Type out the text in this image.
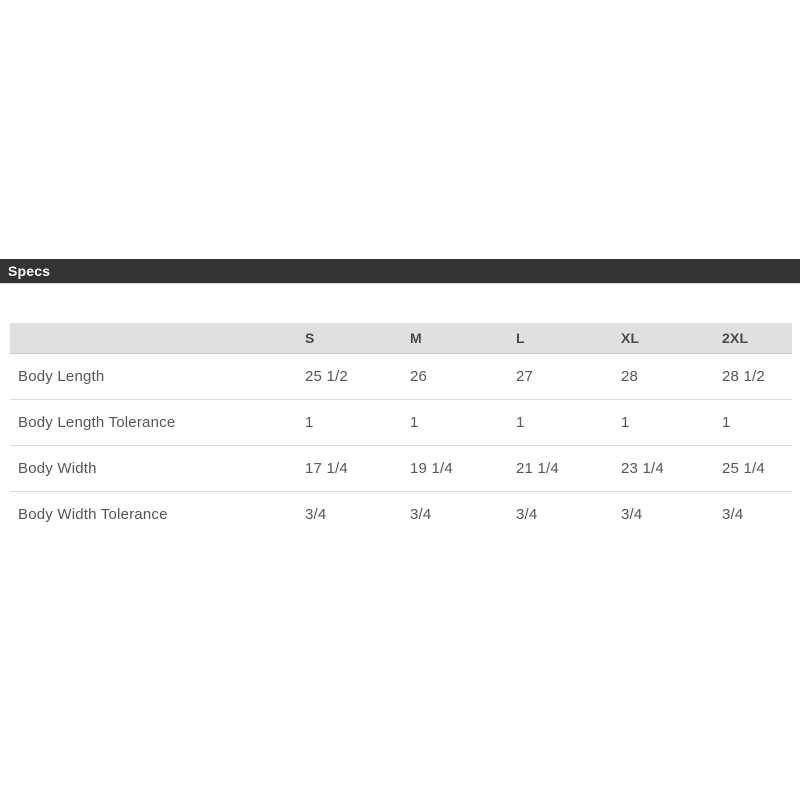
Specs
	S	M	L	XL	2XL
Body Length	25 1/2	26	27	28	28 1/2
Body Length Tolerance	1	1	1	1	1
Body Width	17 1/4	19 1/4	21 1/4	23 1/4	25 1/4
Body Width Tolerance	3/4	3/4	3/4	3/4	3/4
